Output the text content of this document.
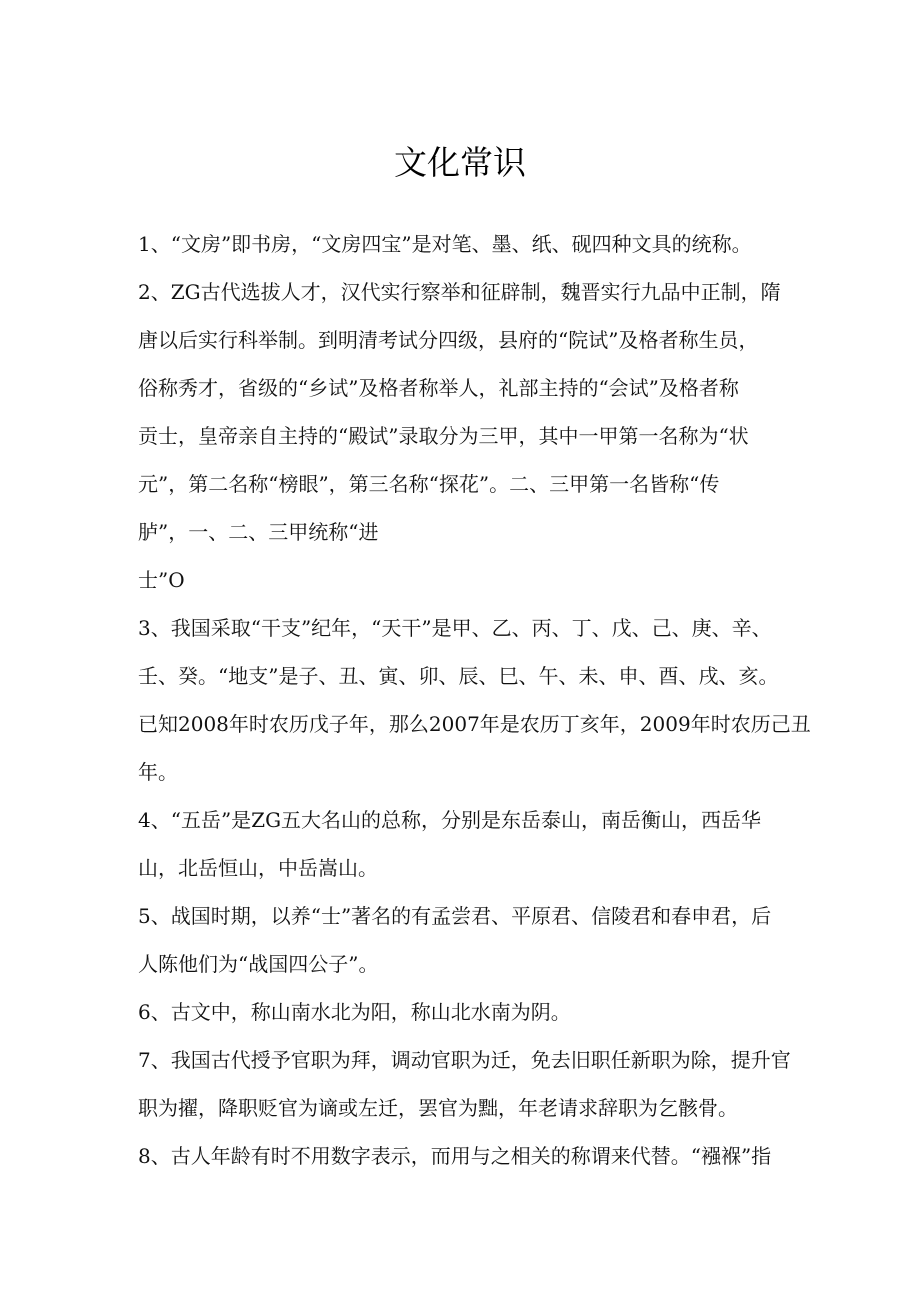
文化常识
1、“文房”即书房，“文房四宝”是对笔、墨、纸、砚四种文具的统称。
2、ZG古代选拔人才，汉代实行察举和征辟制，魏晋实行九品中正制，隋
唐以后实行科举制。到明清考试分四级，县府的“院试”及格者称生员，
俗称秀才，省级的“乡试”及格者称举人，礼部主持的“会试”及格者称
贡士，皇帝亲自主持的“殿试”录取分为三甲，其中一甲第一名称为“状
元”，第二名称“榜眼”，第三名称“探花”。二、三甲第一名皆称“传
胪”，一、二、三甲统称“进
士”O
3、我国采取“干支”纪年，“天干”是甲、乙、丙、丁、戊、己、庚、辛、
壬、癸。“地支”是子、丑、寅、卯、辰、巳、午、未、申、酉、戌、亥。
已知2008年时农历戊子年，那么2007年是农历丁亥年，2009年时农历己丑
年。
4、“五岳”是ZG五大名山的总称，分别是东岳泰山，南岳衡山，西岳华
山，北岳恒山，中岳嵩山。
5、战国时期，以养“士”著名的有孟尝君、平原君、信陵君和春申君，后
人陈他们为“战国四公子”。
6、古文中，称山南水北为阳，称山北水南为阴。
7、我国古代授予官职为拜，调动官职为迁，免去旧职任新职为除，提升官
职为擢，降职贬官为谪或左迁，罢官为黜，年老请求辞职为乞骸骨。
8、古人年龄有时不用数字表示，而用与之相关的称谓来代替。“襁褓”指
